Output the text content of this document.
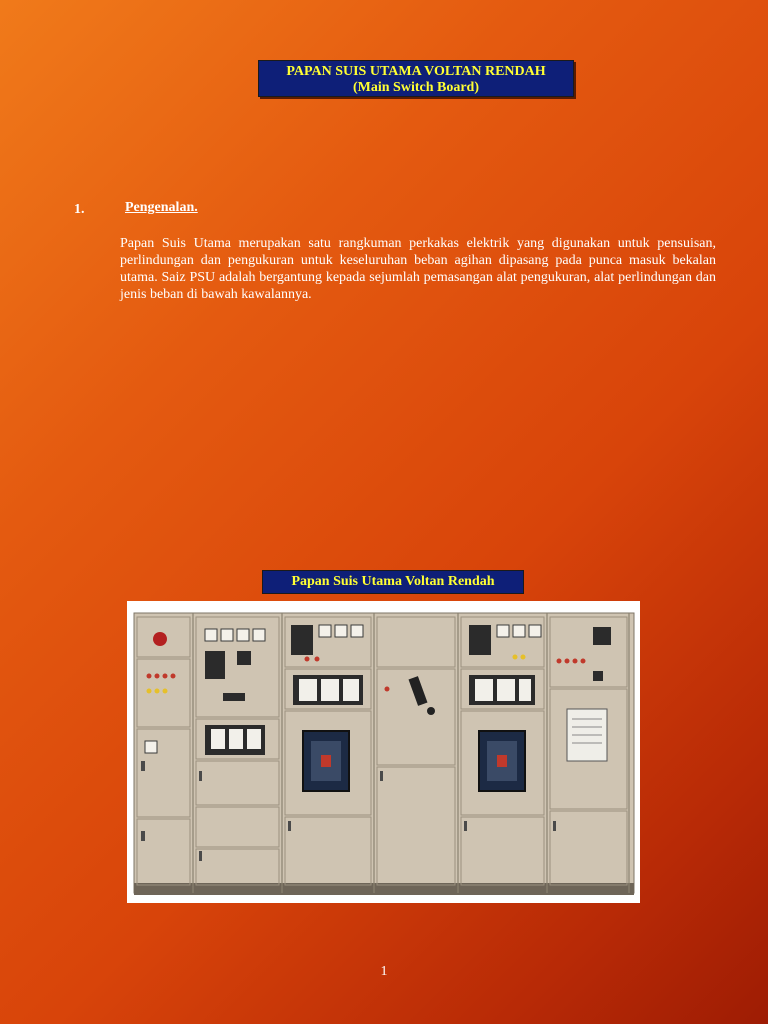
PAPAN SUIS UTAMA VOLTAN RENDAH
(Main Switch Board)
1.	Pengenalan.
Papan Suis Utama merupakan satu rangkuman perkakas elektrik yang digunakan untuk pensuisan, perlindungan dan pengukuran untuk keseluruhan beban agihan dipasang pada punca masuk bekalan utama. Saiz PSU adalah bergantung kepada sejumlah pemasangan alat pengukuran, alat perlindungan dan jenis beban di bawah kawalannya.
Papan Suis Utama Voltan Rendah
1
